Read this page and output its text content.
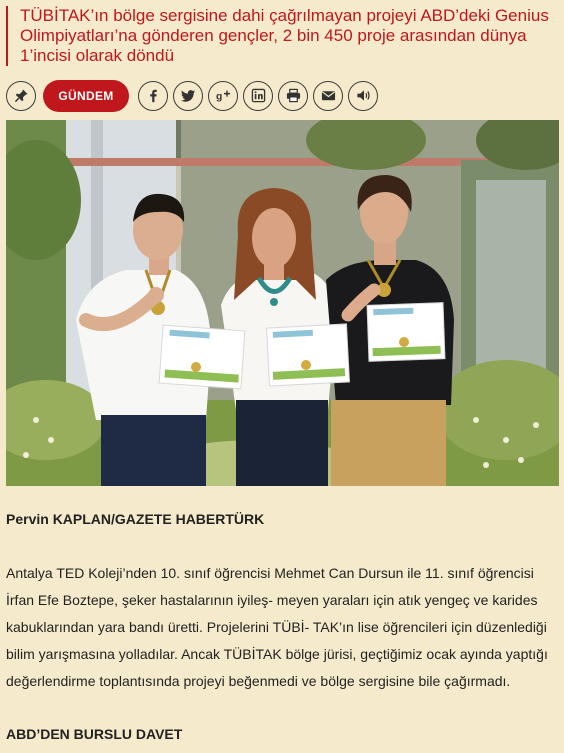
TÜBİTAK’ın bölge sergisine dahi çağrılmayan projeyi ABD’deki Genius Olimpiyatları’na gönderen gençler, 2 bin 450 proje arasından dünya 1’incisi olarak döndü
GÜNDEM	g

Pervin KAPLAN/GAZETE HABERTÜRK

Antalya TED Koleji’nden 10. sınıf öğrencisi Mehmet Can Dursun ile 11. sınıf öğrencisi İrfan Efe Boztepe, şeker hastalarının iyileş- meyen yaraları için atık yengeç ve karides kabuklarından yara bandı üretti. Projelerini TÜBİ- TAK’ın lise öğrencileri için düzenlediği bilim yarışmasına yolladılar. Ancak TÜBİTAK bölge jürisi, geçtiğimiz ocak ayında yaptığı değerlendirme toplantısında projeyi beğenmedi ve bölge sergisine bile çağırmadı.

ABD’DEN BURSLU DAVET
